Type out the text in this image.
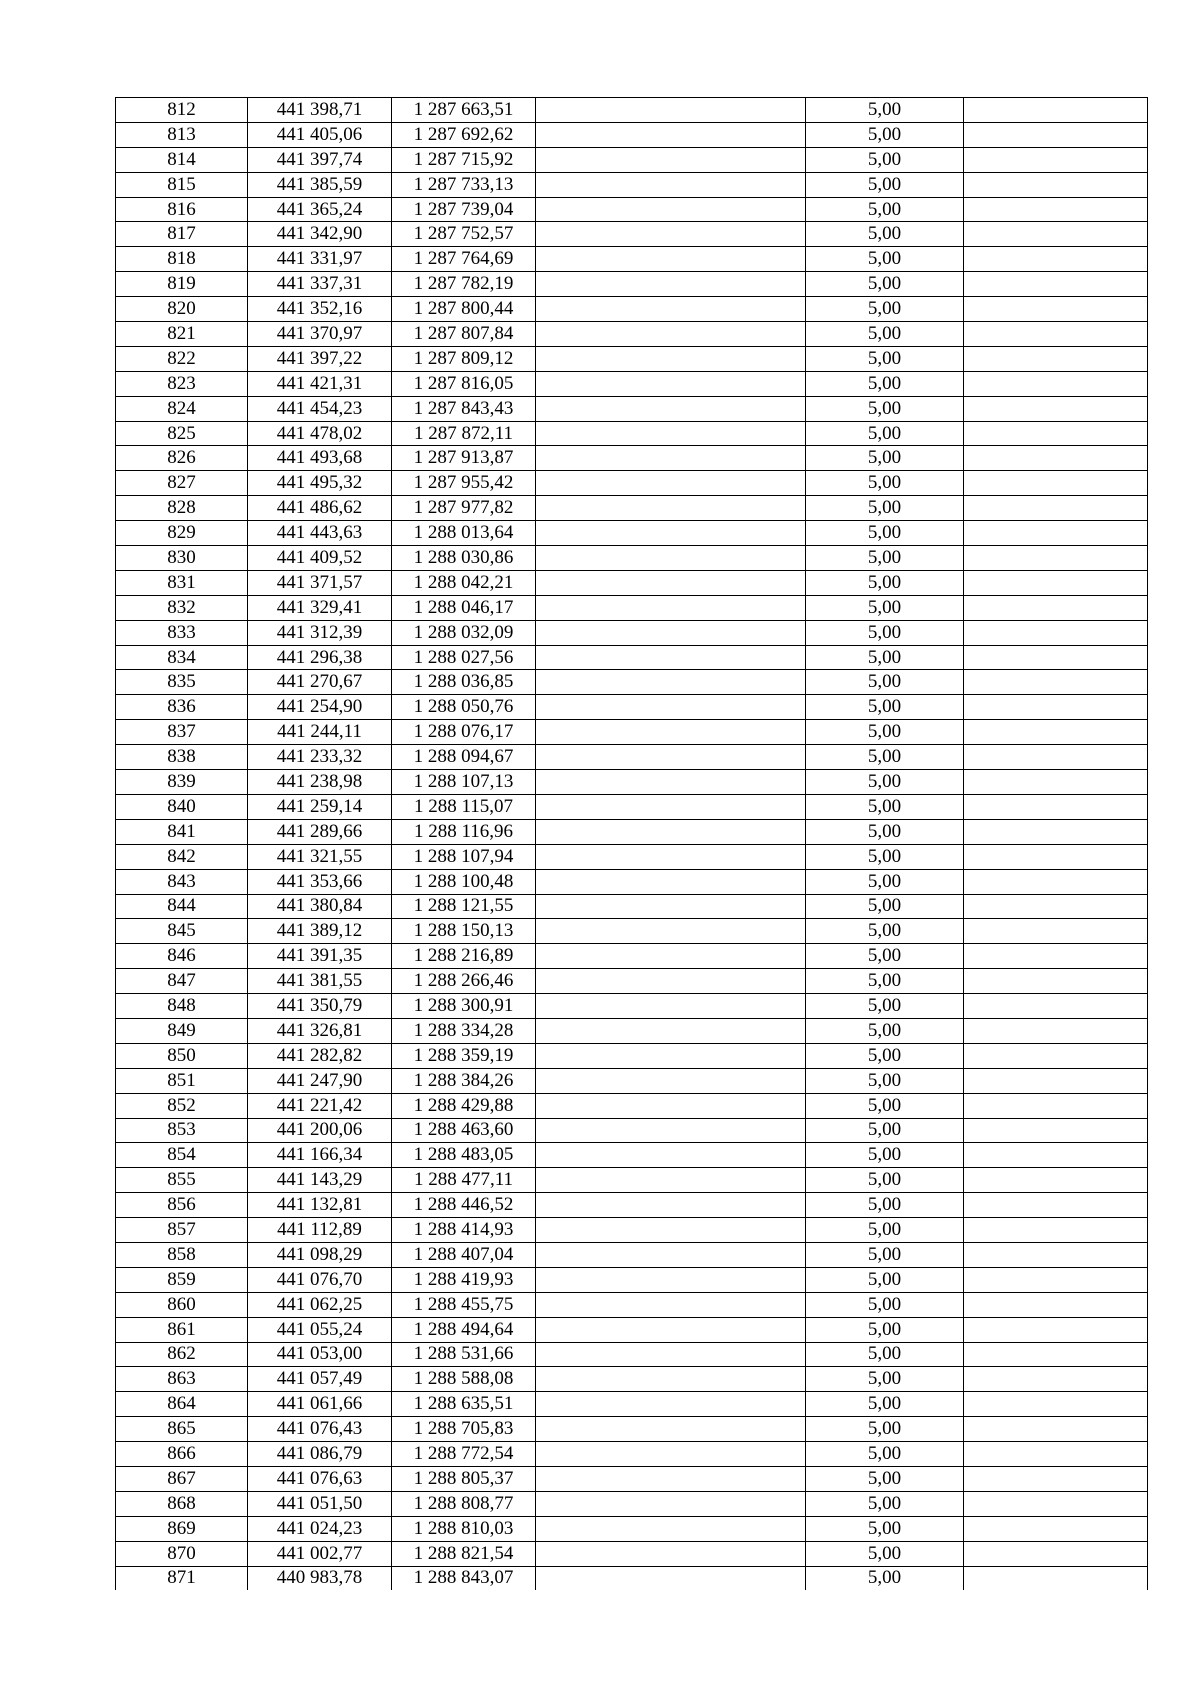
812	441 398,71	1 287 663,51		5,00	
813	441 405,06	1 287 692,62		5,00	
814	441 397,74	1 287 715,92		5,00	
815	441 385,59	1 287 733,13		5,00	
816	441 365,24	1 287 739,04		5,00	
817	441 342,90	1 287 752,57		5,00	
818	441 331,97	1 287 764,69		5,00	
819	441 337,31	1 287 782,19		5,00	
820	441 352,16	1 287 800,44		5,00	
821	441 370,97	1 287 807,84		5,00	
822	441 397,22	1 287 809,12		5,00	
823	441 421,31	1 287 816,05		5,00	
824	441 454,23	1 287 843,43		5,00	
825	441 478,02	1 287 872,11		5,00	
826	441 493,68	1 287 913,87		5,00	
827	441 495,32	1 287 955,42		5,00	
828	441 486,62	1 287 977,82		5,00	
829	441 443,63	1 288 013,64		5,00	
830	441 409,52	1 288 030,86		5,00	
831	441 371,57	1 288 042,21		5,00	
832	441 329,41	1 288 046,17		5,00	
833	441 312,39	1 288 032,09		5,00	
834	441 296,38	1 288 027,56		5,00	
835	441 270,67	1 288 036,85		5,00	
836	441 254,90	1 288 050,76		5,00	
837	441 244,11	1 288 076,17		5,00	
838	441 233,32	1 288 094,67		5,00	
839	441 238,98	1 288 107,13		5,00	
840	441 259,14	1 288 115,07		5,00	
841	441 289,66	1 288 116,96		5,00	
842	441 321,55	1 288 107,94		5,00	
843	441 353,66	1 288 100,48		5,00	
844	441 380,84	1 288 121,55		5,00	
845	441 389,12	1 288 150,13		5,00	
846	441 391,35	1 288 216,89		5,00	
847	441 381,55	1 288 266,46		5,00	
848	441 350,79	1 288 300,91		5,00	
849	441 326,81	1 288 334,28		5,00	
850	441 282,82	1 288 359,19		5,00	
851	441 247,90	1 288 384,26		5,00	
852	441 221,42	1 288 429,88		5,00	
853	441 200,06	1 288 463,60		5,00	
854	441 166,34	1 288 483,05		5,00	
855	441 143,29	1 288 477,11		5,00	
856	441 132,81	1 288 446,52		5,00	
857	441 112,89	1 288 414,93		5,00	
858	441 098,29	1 288 407,04		5,00	
859	441 076,70	1 288 419,93		5,00	
860	441 062,25	1 288 455,75		5,00	
861	441 055,24	1 288 494,64		5,00	
862	441 053,00	1 288 531,66		5,00	
863	441 057,49	1 288 588,08		5,00	
864	441 061,66	1 288 635,51		5,00	
865	441 076,43	1 288 705,83		5,00	
866	441 086,79	1 288 772,54		5,00	
867	441 076,63	1 288 805,37		5,00	
868	441 051,50	1 288 808,77		5,00	
869	441 024,23	1 288 810,03		5,00	
870	441 002,77	1 288 821,54		5,00	
871	440 983,78	1 288 843,07		5,00	
